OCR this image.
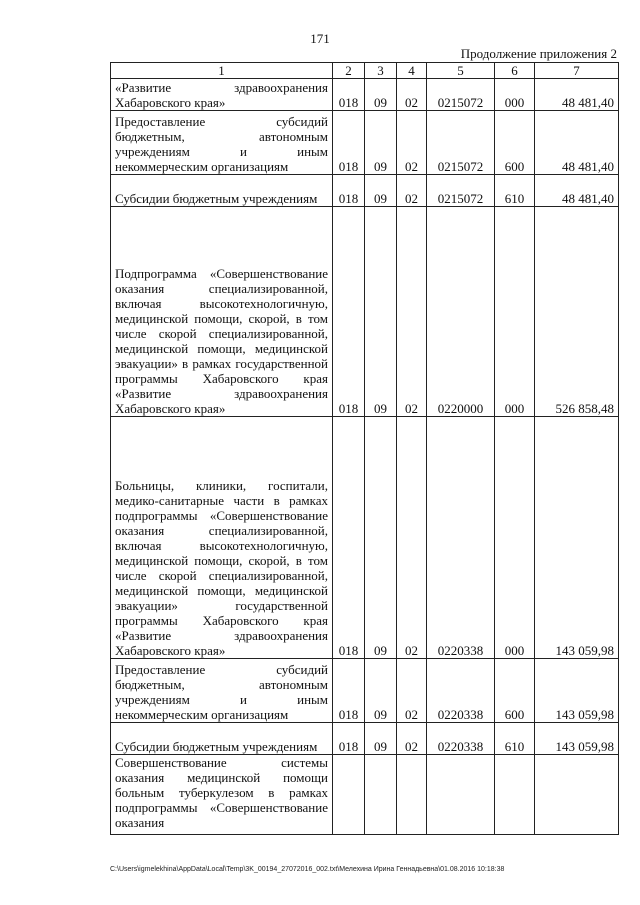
171
Продолжение приложения 2
1	2	3	4	5	6	7
«Развитие здравоохранения Хабаровского края»	018	09	02	0215072	000	48 481,40
Предоставление субсидий бюджетным, автономным учреждениям и иным некоммерческим организациям	018	09	02	0215072	600	48 481,40
Субсидии бюджетным учреждениям	018	09	02	0215072	610	48 481,40
Подпрограмма «Совершенствование оказания специализированной, включая высокотехнологичную, медицинской помощи, скорой, в том числе скорой специализированной, медицинской помощи, медицинской эвакуации» в рамках государственной программы Хабаровского края «Развитие здравоохранения Хабаровского края»	018	09	02	0220000	000	526 858,48
Больницы, клиники, госпитали, медико-санитарные части в рамках подпрограммы «Совершенствование оказания специализированной, включая высокотехнологичную, медицинской помощи, скорой, в том числе скорой специализированной, медицинской помощи, медицинской эвакуации» государственной программы Хабаровского края «Развитие здравоохранения Хабаровского края»	018	09	02	0220338	000	143 059,98
Предоставление субсидий бюджетным, автономным учреждениям и иным некоммерческим организациям	018	09	02	0220338	600	143 059,98
Субсидии бюджетным учреждениям	018	09	02	0220338	610	143 059,98
Совершенствование системы оказания медицинской помощи больным туберкулезом в рамках подпрограммы «Совершенствование оказания						
C:\Users\igmelekhina\AppData\Local\Temp\3K_00194_27072016_002.txt\Мелехина Ирина Геннадьевна\01.08.2016 10:18:38
